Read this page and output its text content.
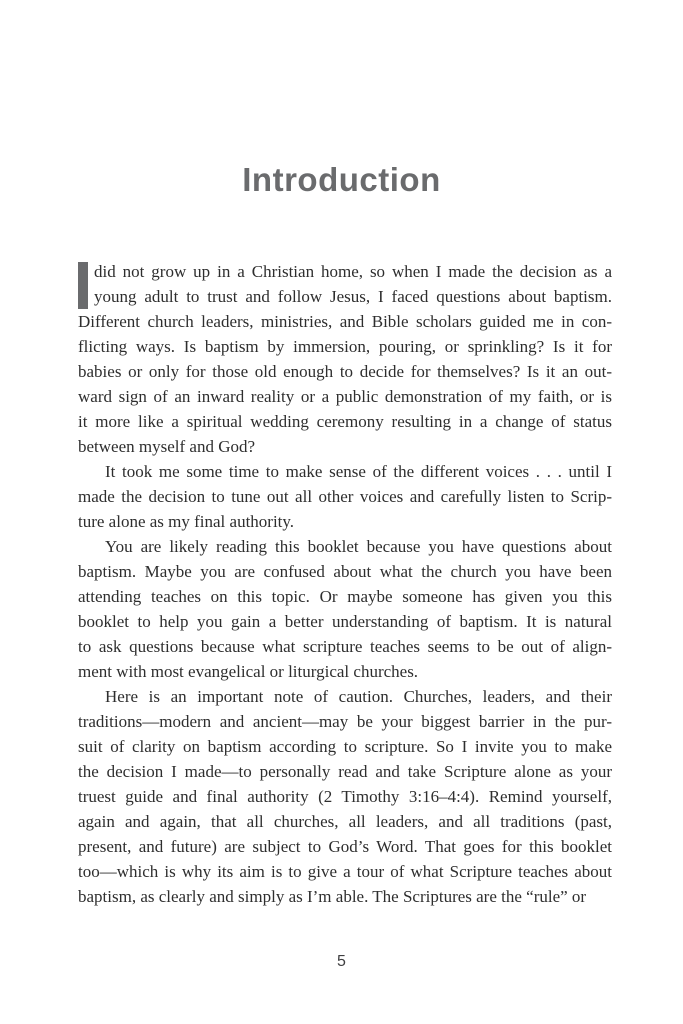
Introduction
did not grow up in a Christian home, so when I made the decision as a
young adult to trust and follow Jesus, I faced questions about baptism.
Different church leaders, ministries, and Bible scholars guided me in con-
flicting ways. Is baptism by immersion, pouring, or sprinkling? Is it for
babies or only for those old enough to decide for themselves? Is it an out-
ward sign of an inward reality or a public demonstration of my faith, or is
it more like a spiritual wedding ceremony resulting in a change of status
between myself and God?
It took me some time to make sense of the different voices . . . until I
made the decision to tune out all other voices and carefully listen to Scrip-
ture alone as my final authority.
You are likely reading this booklet because you have questions about
baptism. Maybe you are confused about what the church you have been
attending teaches on this topic. Or maybe someone has given you this
booklet to help you gain a better understanding of baptism. It is natural
to ask questions because what scripture teaches seems to be out of align-
ment with most evangelical or liturgical churches.
Here is an important note of caution. Churches, leaders, and their
traditions—modern and ancient—may be your biggest barrier in the pur-
suit of clarity on baptism according to scripture. So I invite you to make
the decision I made—to personally read and take Scripture alone as your
truest guide and final authority (2 Timothy 3:16–4:4). Remind yourself,
again and again, that all churches, all leaders, and all traditions (past,
present, and future) are subject to God’s Word. That goes for this booklet
too—which is why its aim is to give a tour of what Scripture teaches about
baptism, as clearly and simply as I’m able. The Scriptures are the “rule” or
5
